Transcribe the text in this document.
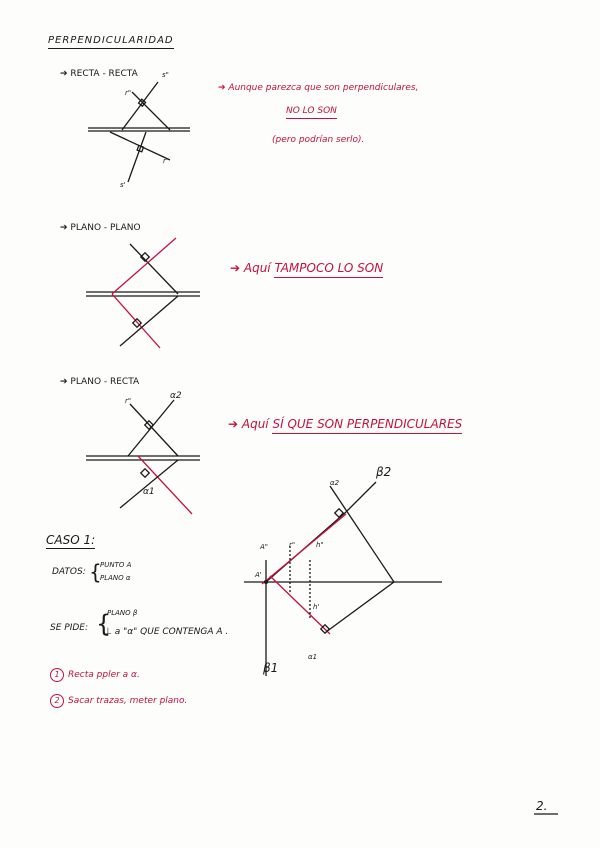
PERPENDICULARIDAD
➔ RECTA - RECTA	s"
r"
r'
s'
➔ Aunque parezca que son perpendiculares,
NO LO SON
(pero podrían serlo).
➔ PLANO - PLANO
➔ Aquí TAMPOCO LO SON
➔ PLANO - RECTA
r"	α2
α1
➔ Aquí SÍ QUE SON PERPENDICULARES
CASO 1:
DATOS: {
PUNTO A
PLANO α
SE PIDE: {
PLANO β
⊥ a "α" QUE CONTENGA A .
1 Recta ppler a α.
2 Sacar trazas, meter plano.
β2
α2
A"	r"	h"
A'
h'
α1
β1
2.
